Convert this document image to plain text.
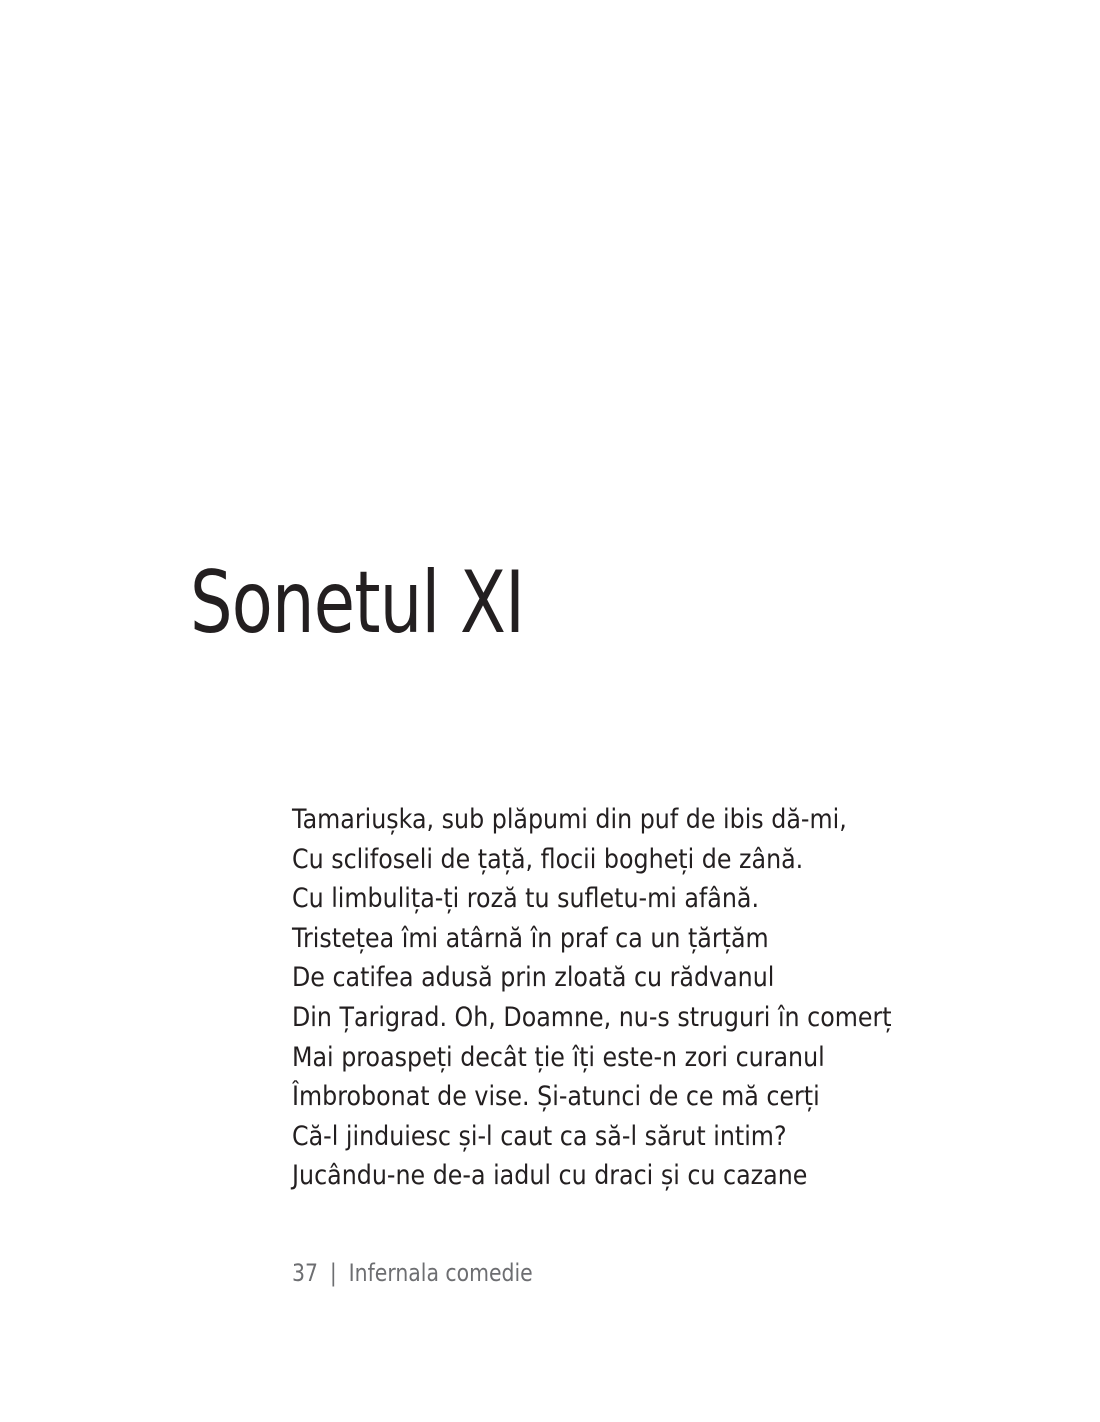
Sonetul XI
Tamariușka, sub plăpumi din puf de ibis dă-mi,
Cu sclifoseli de țață, flocii bogheți de zână.
Cu limbulița-ți roză tu sufletu-mi afână.
Tristețea îmi atârnă în praf ca un țărțăm
De catifea adusă prin zloată cu rădvanul
Din Țarigrad. Oh, Doamne, nu-s struguri în comerț
Mai proaspeți decât ție îți este-n zori curanul
Îmbrobonat de vise. Și-atunci de ce mă cerți
Că-l jinduiesc și-l caut ca să-l sărut intim?
Jucându-ne de-a iadul cu draci și cu cazane
37 | Infernala comedie
